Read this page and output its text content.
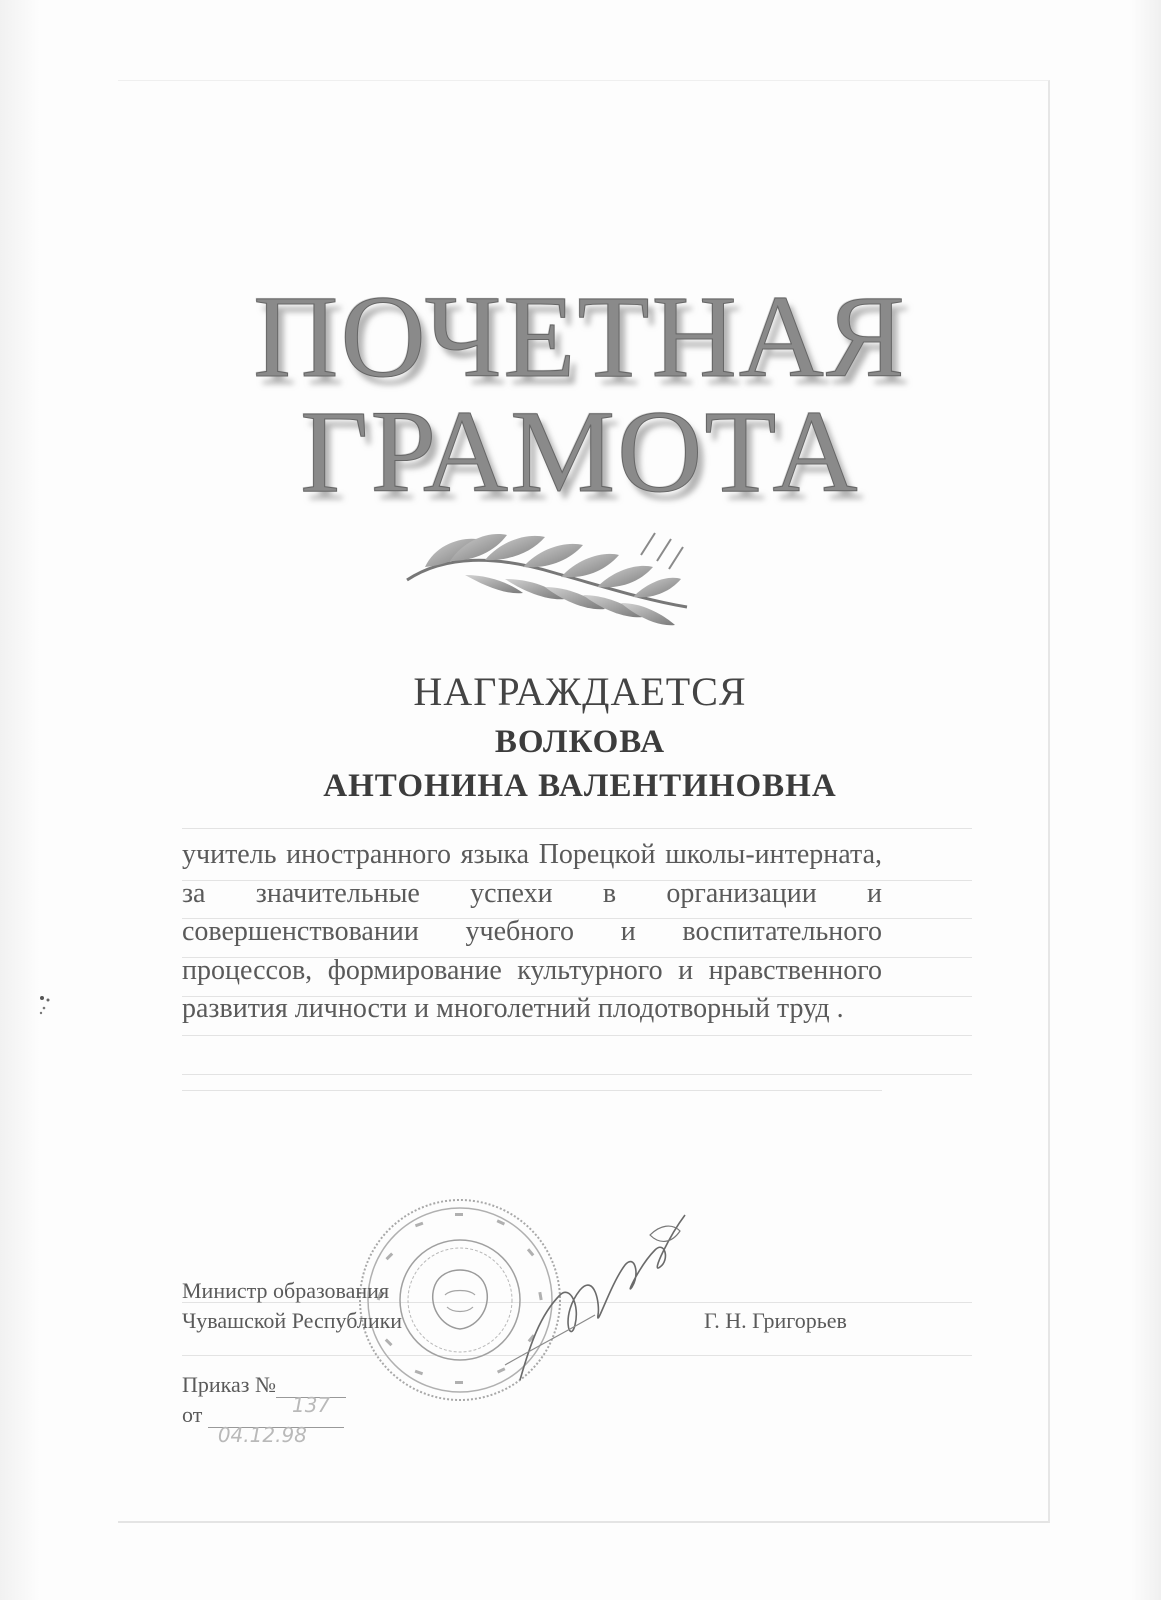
ПОЧЕТНАЯ
ГРАМОТА
НАГРАЖДАЕТСЯ
ВОЛКОВА
АНТОНИНА ВАЛЕНТИНОВНА
учитель иностранного языка Порецкой школы-интерната, за значительные успехи в организации и совершенствовании учебного и воспитательного процессов, формирование культурного и нравственного развития личности и многолетний плодотворный труд .
Министр образования
Чувашской Республики	Г. Н. Григорьев
Приказ №
137
от
04.12.98
